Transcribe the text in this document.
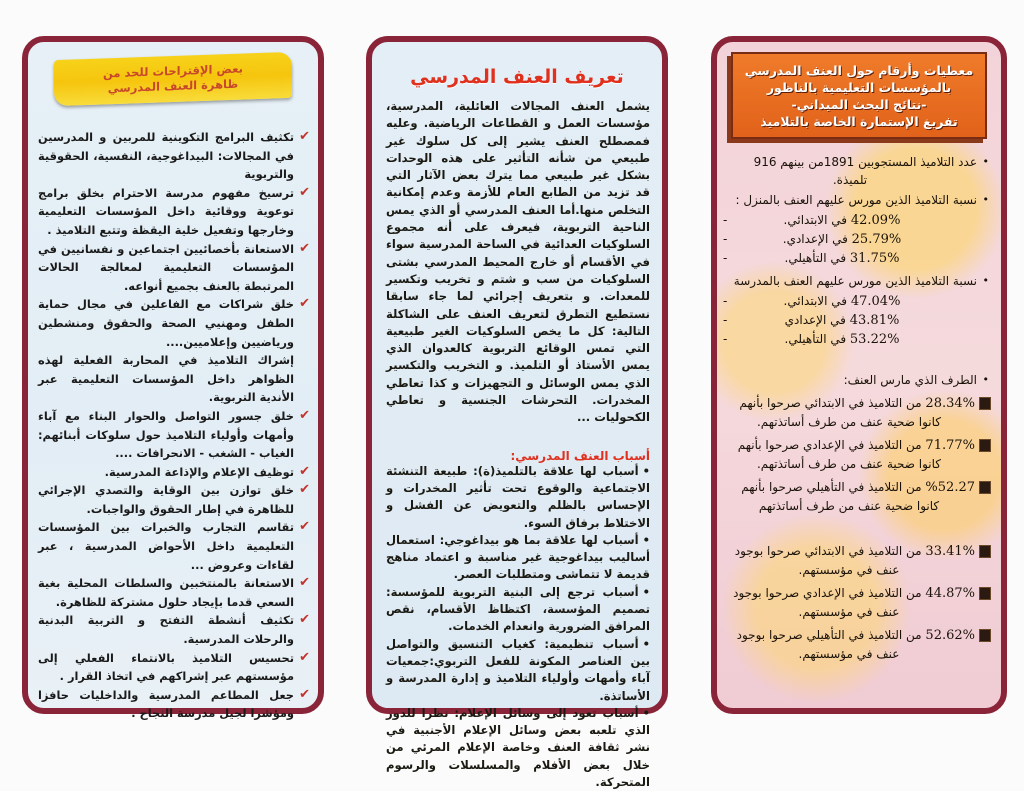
بعض الإقتراحات للحد من
ظاهرة العنف المدرسي
✔
تكثيف البرامج التكوينية للمربين و المدرسين في المجالات: البيداغوجية، النفسية، الحقوقية والتربوية
✔
ترسيخ مفهوم مدرسة الاحترام بخلق برامج توعوية ووقائية داخل المؤسسات التعليمية وخارجها وتفعيل خلية اليقظة وتتبع التلاميذ .
✔
الاستعانة بأخصائيين اجتماعين و نفسانيين في المؤسسات التعليمية لمعالجة الحالات المرتبطة بالعنف بجميع أنواعه.
✔
خلق شراكات مع الفاعلين في مجال حماية الطفل ومهنيي الصحة والحقوق ومنشطين ورياضيين وإعلاميين....
إشراك التلاميذ في المحاربة الفعلية لهذه الظواهر داخل المؤسسات التعليمية عبر الأندية التربوية.
✔
خلق جسور التواصل والحوار البناء مع آباء وأمهات وأولياء التلاميذ حول سلوكات أبنائهم: الغياب - الشغب - الانحرافات ....
✔
توظيف الإعلام والإذاعة المدرسية.
✔
خلق توازن بين الوقاية والتصدي الإجرائي للظاهرة في إطار الحقوق والواجبات.
✔
تقاسم التجارب والخبرات بين المؤسسات التعليمية داخل الأحواض المدرسية ، عبر لقاءات وعروض ...
✔
الاستعانة بالمنتخبين والسلطات المحلية بغية السعي قدما بإيجاد حلول مشتركة للظاهرة.
✔
تكثيف أنشطة التفتح و التربية البدنية والرحلات المدرسية.
✔
تحسيس التلاميذ بالانتماء الفعلي إلى مؤسستهم عبر إشراكهم في اتخاذ القرار .
✔
جعل المطاعم المدرسية والداخليات حافزا ومؤشرا لجيل مدرسة النجاح .
تعريف العنف المدرسي
يشمل العنف المجالات العائلية، المدرسية، مؤسسات العمل و القطاعات الرياضية. وعليه فمصطلح العنف يشير إلى كل سلوك غير طبيعي من شأنه التأثير على هذه الوحدات بشكل غير طبيعي مما يترك بعض الآثار التي قد تزيد من الطابع العام للأزمة وعدم إمكانية التخلص منها.أما العنف المدرسي أو الذي يمس الناحية التربوية، فيعرف على أنه مجموع السلوكيات العدائية في الساحة المدرسية سواء في الأقسام أو خارج المحيط المدرسي بشتى السلوكيات من سب و شتم و تخريب وتكسير للمعدات. و بتعريف إجرائي لما جاء سابقا نستطيع التطرق لتعريف العنف على الشاكلة التالية: كل ما يخص السلوكيات الغير طبيعية التي تمس الوقائع التربوية كالعدوان الذي يمس الأستاذ أو التلميذ. و التخريب والتكسير الذي يمس الوسائل و التجهيزات و كذا تعاطي المخدرات. التحرشات الجنسية و تعاطي الكحوليات ...
أسباب العنف المدرسي:
•أسباب لها علاقة بالتلميذ(ة): طبيعة التنشئة الاجتماعية والوقوع تحت تأثير المخدرات و الإحساس بالظلم والتعويض عن الفشل و الاختلاط برفاق السوء.
•أسباب لها علاقة بما هو بيداغوجي: استعمال أساليب بيداغوجية غير مناسبة و اعتماد مناهج قديمة لا تتماشى ومتطلبات العصر.
•أسباب ترجع إلى البنية التربوية للمؤسسة: تصميم المؤسسة، اكتظاظ الأقسام، نقص المرافق الضرورية وانعدام الخدمات.
•أسباب تنظيمية: كغياب التنسيق والتواصل بين العناصر المكونة للفعل التربوي:جمعيات آباء وأمهات وأولياء التلاميذ و إدارة المدرسة و الأساتذة.
•أسباب تعود إلى وسائل الإعلام: نظرا للدور الذي تلعبه بعض وسائل الإعلام الأجنبية في نشر ثقافة العنف وخاصة الإعلام المرئي من خلال بعض الأفلام والمسلسلات والرسوم المتحركة.
معطيات وأرقام حول العنف المدرسي
بالمؤسسات التعليمية بالناظور
-نتائج البحث الميداني-
تفريغ الإستمارة الخاصة بالتلاميذ
•
عدد التلاميذ المستجوبين 1891من بينهم 916
تلميذة.
•
نسبة التلاميذ الذين مورس عليهم العنف بالمنزل :
42.09% في الابتدائي.
-
25.79% في الإعدادي.
-
31.75% في التأهيلي.
-
•
نسبة التلاميذ الذين مورس عليهم العنف بالمدرسة
47.04% في الابتدائي.
-
43.81% في الإعدادي
-
53.22% في التأهيلي.
-
•
الطرف الذي مارس العنف:
28.34% من التلاميذ في الابتدائي صرحوا بأنهم
كانوا ضحية عنف من طرف أساتذتهم.
71.77% من التلاميذ في الإعدادي صرحوا بأنهم
كانوا ضحية عنف من طرف أساتذتهم.
%52.27 من التلاميذ في التأهيلي صرحوا بأنهم
كانوا ضحية عنف من طرف أساتذتهم
33.41% من التلاميذ في الابتدائي صرحوا بوجود
عنف في مؤسستهم.
44.87% من التلاميذ في الإعدادي صرحوا بوجود
عنف في مؤسستهم.
52.62% من التلاميذ في التأهيلي صرحوا بوجود
عنف في مؤسستهم.
